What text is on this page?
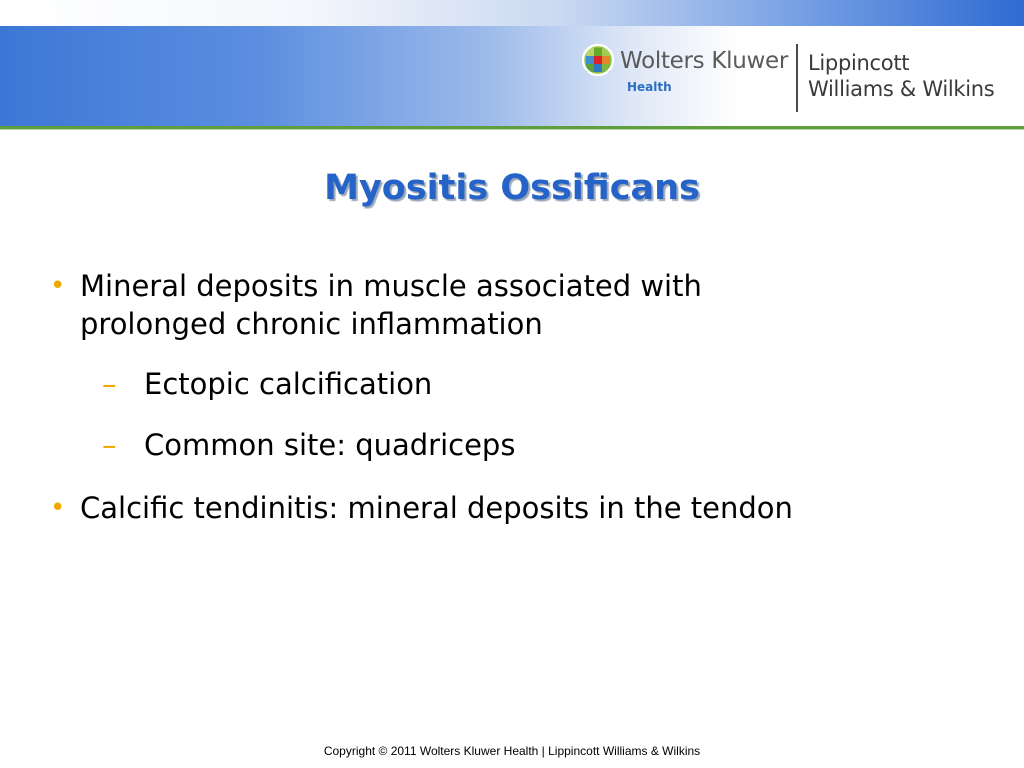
Wolters Kluwer
Health
Lippincott
Williams & Wilkins
Myositis Ossificans
• Mineral deposits in muscle associated with
prolonged chronic inflammation
– Ectopic calcification
– Common site: quadriceps
• Calcific tendinitis: mineral deposits in the tendon
Copyright © 2011 Wolters Kluwer Health | Lippincott Williams & Wilkins
